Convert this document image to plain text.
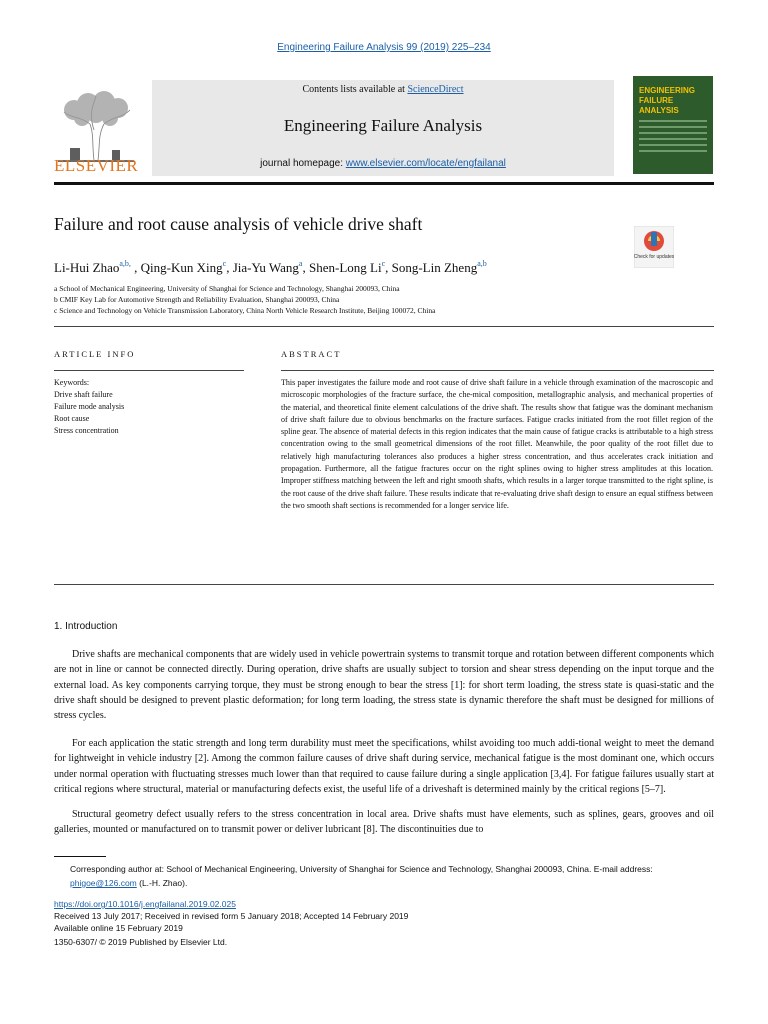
Engineering Failure Analysis 99 (2019) 225–234
ELSEVIER
Contents lists available at ScienceDirect
Engineering Failure Analysis
journal homepage: www.elsevier.com/locate/engfailanal
ENGINEERING
FAILURE
ANALYSIS
Failure and root cause analysis of vehicle drive shaft
Check for updates
Li-Hui Zhao$^{a,b,}$ , Qing-Kun Xing$^c$, Jia-Yu Wang$^a$, Shen-Long Li$^c$, Song-Lin Zheng$^{a,b}$
a School of Mechanical Engineering, University of Shanghai for Science and Technology, Shanghai 200093, China
b CMIF Key Lab for Automotive Strength and Reliability Evaluation, Shanghai 200093, China
c Science and Technology on Vehicle Transmission Laboratory, China North Vehicle Research Institute, Beijing 100072, China
ARTICLE INFO
Keywords:
Drive shaft failure
Failure mode analysis
Root cause
Stress concentration
ABSTRACT
This paper investigates the failure mode and root cause of drive shaft failure in a vehicle through examination of the macroscopic and microscopic morphologies of the fracture surface, the che-mical composition, metallographic analysis, and mechanical properties of the material, and theoretical finite element calculations of the drive shaft. The results show that fatigue was the dominant mechanism of drive shaft failure due to obvious benchmarks on the fracture surfaces. Fatigue cracks initiated from the root fillet region of the spline gear. The absence of material defects in this region indicates that the main cause of fatigue cracks is attributable to a high stress concentration owing to the small geometrical dimensions of the root fillet. Meanwhile, the poor quality of the root fillet due to relatively high manufacturing tolerances also produces a higher stress concentration, and thus accelerates crack initiation and propagation. Furthermore, all the fatigue fractures occur on the right splines owing to higher stress amplitudes at this location. Improper stiffness matching between the left and right smooth shafts, which results in a larger torque transmitted to the right spline, is the root cause of the drive shaft failure. These results indicate that re-evaluating drive shaft design to ensure an equal stiffness between the two smooth shaft sections is recommended for a longer service life.
1. Introduction
Drive shafts are mechanical components that are widely used in vehicle powertrain systems to transmit torque and rotation between different components which are not in line or cannot be connected directly. During operation, drive shafts are usually subject to torsion and shear stress depending on the input torque and the external load. As key components carrying torque, they must be strong enough to bear the stress [1]: for short term loading, the stress state is quasi-static and the drive shaft should be designed to prevent plastic deformation; for long term loading, the stress state is dynamic therefore the shaft must be designed for millions of stress cycles.
For each application the static strength and long term durability must meet the specifications, whilst avoiding too much addi-tional weight to meet the demand for lightweight in vehicle industry [2]. Among the common failure causes of drive shaft during service, mechanical fatigue is the most dominant one, which occurs under normal operation with fluctuating stresses much lower than that required to cause failure during a single application [3,4]. For fatigue failures usually start at critical regions where structural, material or manufacturing defects exist, the useful life of a driveshaft is determined mainly by the critical regions [5–7].
Structural geometry defect usually refers to the stress concentration in local area. Drive shafts must have elements, such as splines, gears, grooves and oil galleries, mounted or manufactured on to transmit power or deliver lubricant [8]. The discontinuities due to
Corresponding author at: School of Mechanical Engineering, University of Shanghai for Science and Technology, Shanghai 200093, China. E-mail address: phigoe@126.com (L.-H. Zhao).
https://doi.org/10.1016/j.engfailanal.2019.02.025
Received 13 July 2017; Received in revised form 5 January 2018; Accepted 14 February 2019
Available online 15 February 2019
1350-6307/ © 2019 Published by Elsevier Ltd.
